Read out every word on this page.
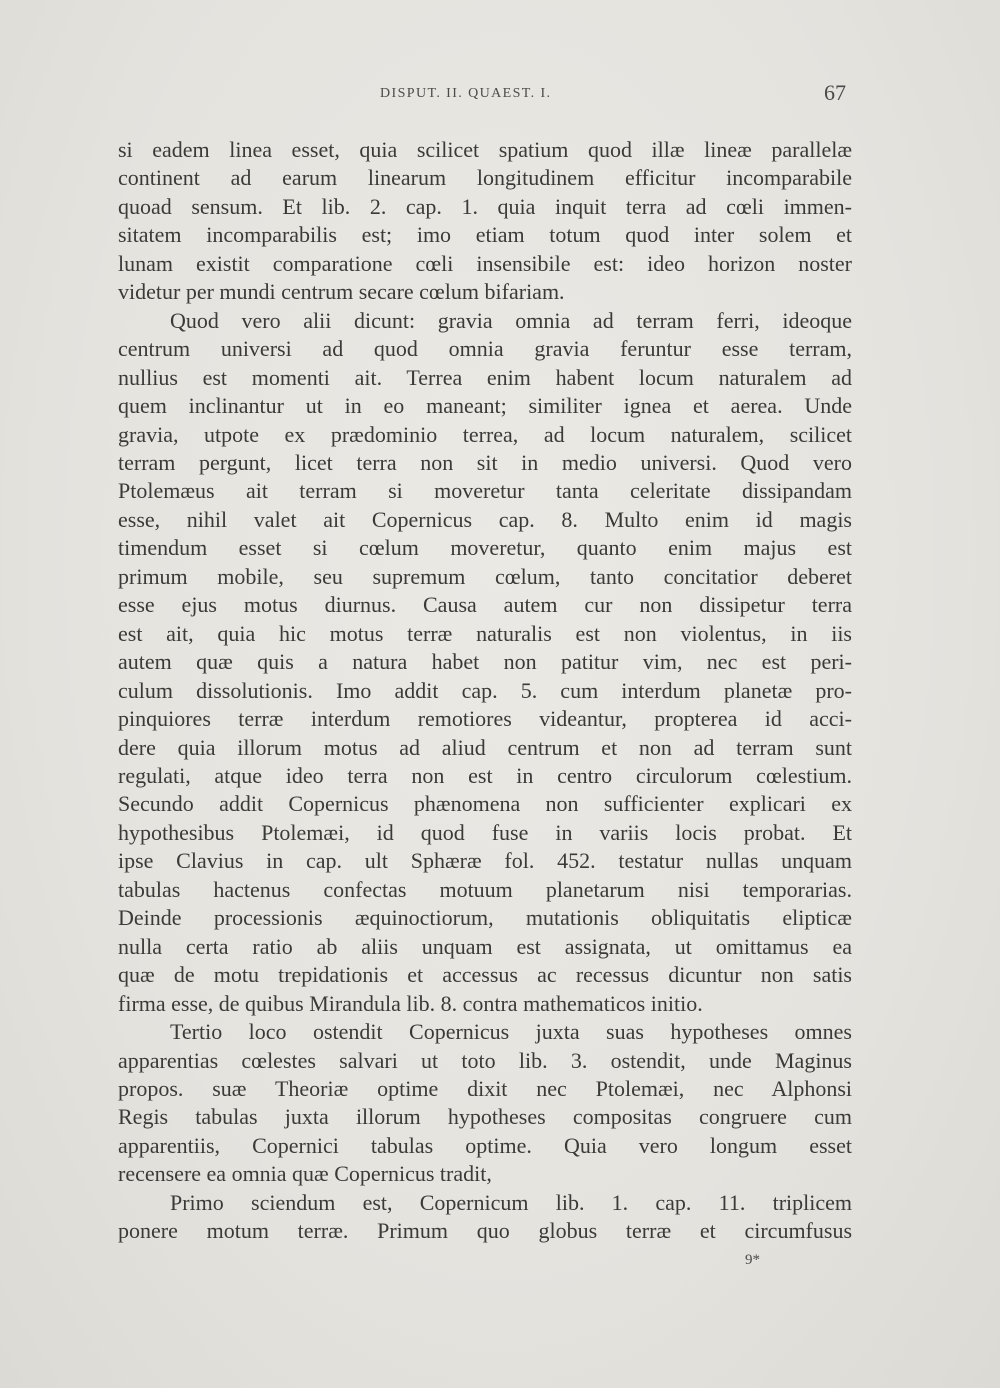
DISPUT. II. QUAEST. I.	67
si eadem linea esset, quia scilicet spatium quod illæ lineæ parallelæ
continent ad earum linearum longitudinem efficitur incomparabile
quoad sensum. Et lib. 2. cap. 1. quia inquit terra ad cœli immen-
sitatem incomparabilis est; imo etiam totum quod inter solem et
lunam existit comparatione cœli insensibile est: ideo horizon noster
videtur per mundi centrum secare cœlum bifariam.
Quod vero alii dicunt: gravia omnia ad terram ferri, ideoque
centrum universi ad quod omnia gravia feruntur esse terram,
nullius est momenti ait. Terrea enim habent locum naturalem ad
quem inclinantur ut in eo maneant; similiter ignea et aerea. Unde
gravia, utpote ex prædominio terrea, ad locum naturalem, scilicet
terram pergunt, licet terra non sit in medio universi. Quod vero
Ptolemæus ait terram si moveretur tanta celeritate dissipandam
esse, nihil valet ait Copernicus cap. 8. Multo enim id magis
timendum esset si cœlum moveretur, quanto enim majus est
primum mobile, seu supremum cœlum, tanto concitatior deberet
esse ejus motus diurnus. Causa autem cur non dissipetur terra
est ait, quia hic motus terræ naturalis est non violentus, in iis
autem quæ quis a natura habet non patitur vim, nec est peri-
culum dissolutionis. Imo addit cap. 5. cum interdum planetæ pro-
pinquiores terræ interdum remotiores videantur, propterea id acci-
dere quia illorum motus ad aliud centrum et non ad terram sunt
regulati, atque ideo terra non est in centro circulorum cœlestium.
Secundo addit Copernicus phænomena non sufficienter explicari ex
hypothesibus Ptolemæi, id quod fuse in variis locis probat. Et
ipse Clavius in cap. ult Sphæræ fol. 452. testatur nullas unquam
tabulas hactenus confectas motuum planetarum nisi temporarias.
Deinde processionis æquinoctiorum, mutationis obliquitatis elipticæ
nulla certa ratio ab aliis unquam est assignata, ut omittamus ea
quæ de motu trepidationis et accessus ac recessus dicuntur non satis
firma esse, de quibus Mirandula lib. 8. contra mathematicos initio.
Tertio loco ostendit Copernicus juxta suas hypotheses omnes
apparentias cœlestes salvari ut toto lib. 3. ostendit, unde Maginus
propos. suæ Theoriæ optime dixit nec Ptolemæi, nec Alphonsi
Regis tabulas juxta illorum hypotheses compositas congruere cum
apparentiis, Copernici tabulas optime. Quia vero longum esset
recensere ea omnia quæ Copernicus tradit,
Primo sciendum est, Copernicum lib. 1. cap. 11. triplicem
ponere motum terræ. Primum quo globus terræ et circumfusus
9*
